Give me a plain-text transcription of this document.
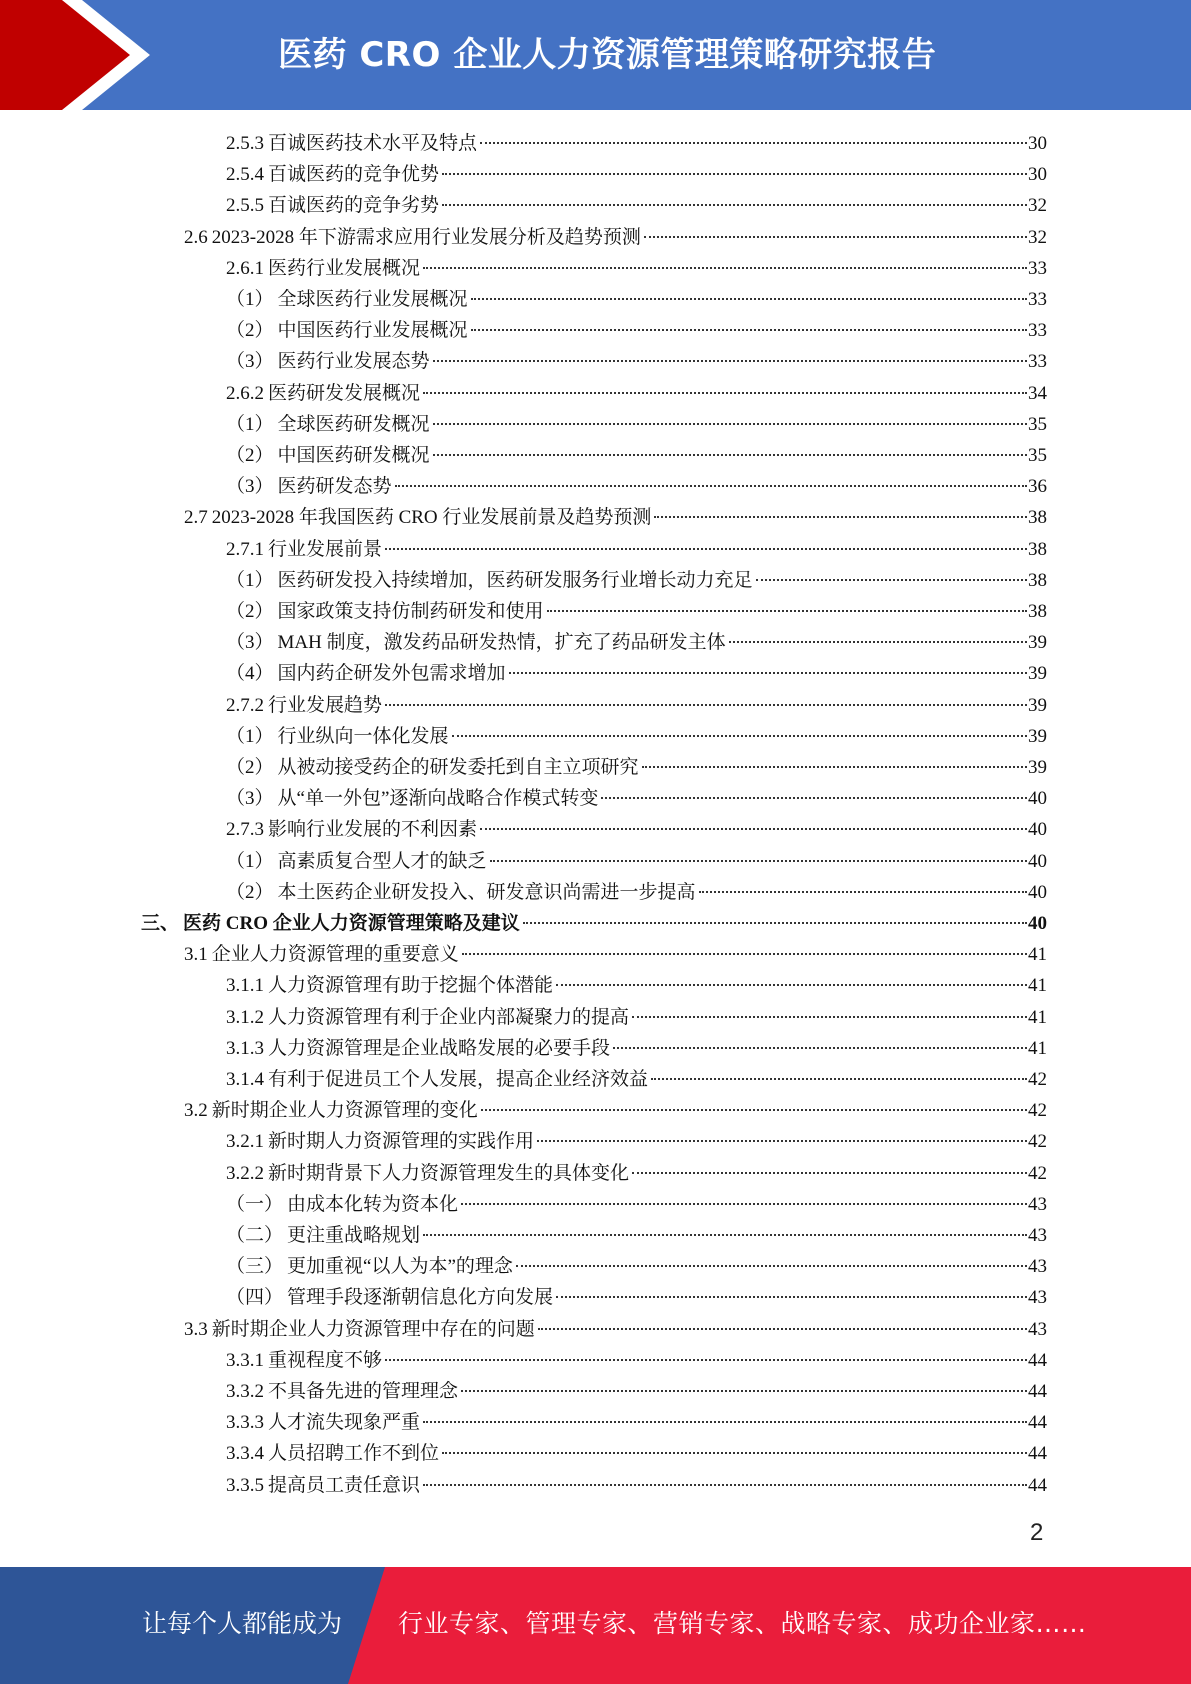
医药 CRO 企业人力资源管理策略研究报告
2.5.3 百诚医药技术水平及特点	30
2.5.4 百诚医药的竞争优势	30
2.5.5 百诚医药的竞争劣势	32
2.6 2023-2028 年下游需求应用行业发展分析及趋势预测	32
2.6.1 医药行业发展概况	33
（1） 全球医药行业发展概况	33
（2） 中国医药行业发展概况	33
（3） 医药行业发展态势	33
2.6.2 医药研发发展概况	34
（1） 全球医药研发概况	35
（2） 中国医药研发概况	35
（3） 医药研发态势	36
2.7 2023-2028 年我国医药 CRO 行业发展前景及趋势预测	38
2.7.1 行业发展前景	38
（1） 医药研发投入持续增加，医药研发服务行业增长动力充足	38
（2） 国家政策支持仿制药研发和使用	38
（3） MAH 制度，激发药品研发热情，扩充了药品研发主体	39
（4） 国内药企研发外包需求增加	39
2.7.2 行业发展趋势	39
（1） 行业纵向一体化发展	39
（2） 从被动接受药企的研发委托到自主立项研究	39
（3） 从“单一外包”逐渐向战略合作模式转变	40
2.7.3 影响行业发展的不利因素	40
（1） 高素质复合型人才的缺乏	40
（2） 本土医药企业研发投入、研发意识尚需进一步提高	40
三、 医药 CRO 企业人力资源管理策略及建议	40
3.1 企业人力资源管理的重要意义	41
3.1.1 人力资源管理有助于挖掘个体潜能	41
3.1.2 人力资源管理有利于企业内部凝聚力的提高	41
3.1.3 人力资源管理是企业战略发展的必要手段	41
3.1.4 有利于促进员工个人发展，提高企业经济效益	42
3.2 新时期企业人力资源管理的变化	42
3.2.1 新时期人力资源管理的实践作用	42
3.2.2 新时期背景下人力资源管理发生的具体变化	42
（一） 由成本化转为资本化	43
（二） 更注重战略规划	43
（三） 更加重视“以人为本”的理念	43
（四） 管理手段逐渐朝信息化方向发展	43
3.3 新时期企业人力资源管理中存在的问题	43
3.3.1 重视程度不够	44
3.3.2 不具备先进的管理理念	44
3.3.3 人才流失现象严重	44
3.3.4 人员招聘工作不到位	44
3.3.5 提高员工责任意识	44
2
让每个人都能成为 行业专家、管理专家、营销专家、战略专家、成功企业家……
